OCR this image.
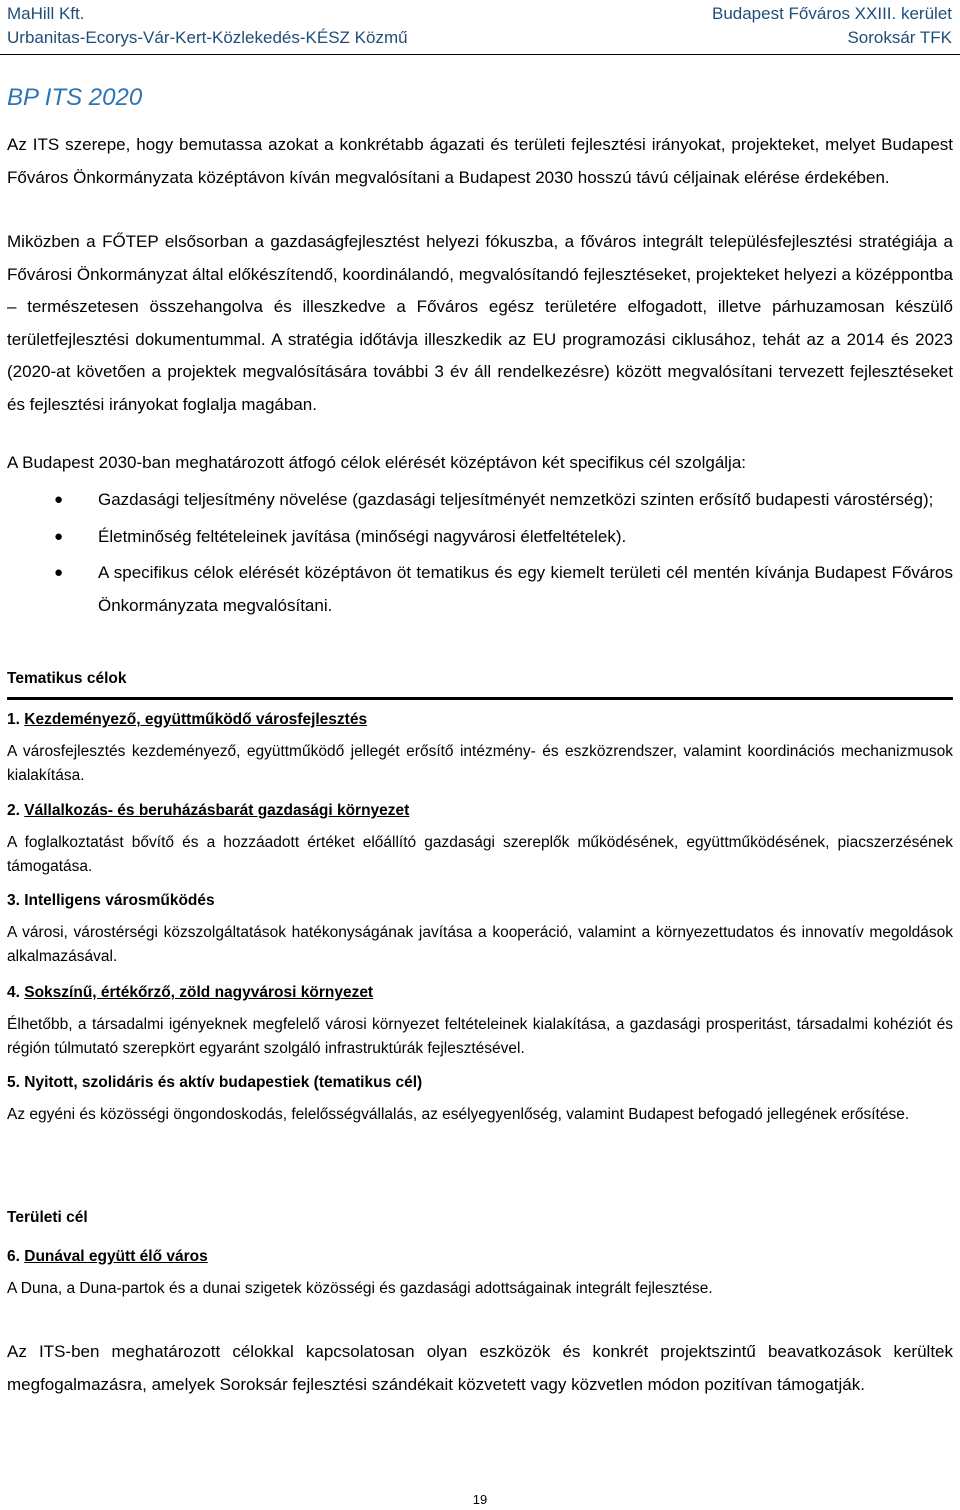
MaHill Kft.
Urbanitas-Ecorys-Vár-Kert-Közlekedés-KÉSZ Közmű
Budapest Főváros XXIII. kerület
Soroksár TFK
BP ITS 2020

Az ITS szerepe, hogy bemutassa azokat a konkrétabb ágazati és területi fejlesztési irányokat, projekteket, melyet Budapest Főváros Önkormányzata középtávon kíván megvalósítani a Budapest 2030 hosszú távú céljainak elérése érdekében.

Miközben a FŐTEP elsősorban a gazdaságfejlesztést helyezi fókuszba, a főváros integrált településfejlesztési stratégiája a Fővárosi Önkormányzat által előkészítendő, koordinálandó, megvalósítandó fejlesztéseket, projekteket helyezi a középpontba – természetesen összehangolva és illeszkedve a Főváros egész területére elfogadott, illetve párhuzamosan készülő területfejlesztési dokumentummal. A stratégia időtávja illeszkedik az EU programozási ciklusához, tehát az a 2014 és 2023 (2020-at követően a projektek megvalósítására további 3 év áll rendelkezésre) között megvalósítani tervezett fejlesztéseket és fejlesztési irányokat foglalja magában.

A Budapest 2030-ban meghatározott átfogó célok elérését középtávon két specifikus cél szolgálja:

● Gazdasági teljesítmény növelése (gazdasági teljesítményét nemzetközi szinten erősítő budapesti várostérség);
● Életminőség feltételeinek javítása (minőségi nagyvárosi életfeltételek).
● A specifikus célok elérését középtávon öt tematikus és egy kiemelt területi cél mentén kívánja Budapest Főváros Önkormányzata megvalósítani.
Tematikus célok
1. Kezdeményező, együttműködő városfejlesztés

A városfejlesztés kezdeményező, együttműködő jellegét erősítő intézmény- és eszközrendszer, valamint koordinációs mechanizmusok kialakítása.

2. Vállalkozás- és beruházásbarát gazdasági környezet

A foglalkoztatást bővítő és a hozzáadott értéket előállító gazdasági szereplők működésének, együttműködésének, piacszerzésének támogatása.

3. Intelligens városműködés

A városi, várostérségi közszolgáltatások hatékonyságának javítása a kooperáció, valamint a környezettudatos és innovatív megoldások alkalmazásával.

4. Sokszínű, értékőrző, zöld nagyvárosi környezet

Élhetőbb, a társadalmi igényeknek megfelelő városi környezet feltételeinek kialakítása, a gazdasági prosperitást, társadalmi kohéziót és régión túlmutató szerepkört egyaránt szolgáló infrastruktúrák fejlesztésével.

5. Nyitott, szolidáris és aktív budapestiek (tematikus cél)

Az egyéni és közösségi öngondoskodás, felelősségvállalás, az esélyegyenlőség, valamint Budapest befogadó jellegének erősítése.

Területi cél
6. Dunával együtt élő város

A Duna, a Duna-partok és a dunai szigetek közösségi és gazdasági adottságainak integrált fejlesztése.

Az ITS-ben meghatározott célokkal kapcsolatosan olyan eszközök és konkrét projektszintű beavatkozások kerültek megfogalmazásra, amelyek Soroksár fejlesztési szándékait közvetett vagy közvetlen módon pozitívan támogatják.

19
